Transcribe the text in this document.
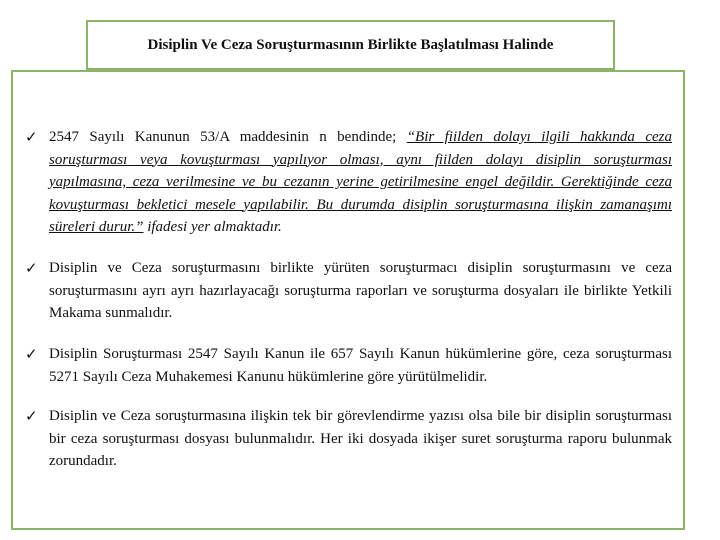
Disiplin Ve Ceza Soruşturmasının Birlikte Başlatılması Halinde
✓ 2547 Sayılı Kanunun 53/A maddesinin n bendinde; “Bir fiilden dolayı ilgili hakkında ceza soruşturması veya kovuşturması yapılıyor olması, aynı fiilden dolayı disiplin soruşturması yapılmasına, ceza verilmesine ve bu cezanın yerine getirilmesine engel değildir. Gerektiğinde ceza kovuşturması bekletici mesele yapılabilir. Bu durumda disiplin soruşturmasına ilişkin zamanaşımı süreleri durur.” ifadesi yer almaktadır.
✓ Disiplin ve Ceza soruşturmasını birlikte yürüten soruşturmacı disiplin soruşturmasını ve ceza soruşturmasını ayrı ayrı hazırlayacağı soruşturma raporları ve soruşturma dosyaları ile birlikte Yetkili Makama sunmalıdır.
✓ Disiplin Soruşturması 2547 Sayılı Kanun ile 657 Sayılı Kanun hükümlerine göre, ceza soruşturması 5271 Sayılı Ceza Muhakemesi Kanunu hükümlerine göre yürütülmelidir.
✓ Disiplin ve Ceza soruşturmasına ilişkin tek bir görevlendirme yazısı olsa bile bir disiplin soruşturması bir ceza soruşturması dosyası bulunmalıdır. Her iki dosyada ikişer suret soruşturma raporu bulunmak zorundadır.
